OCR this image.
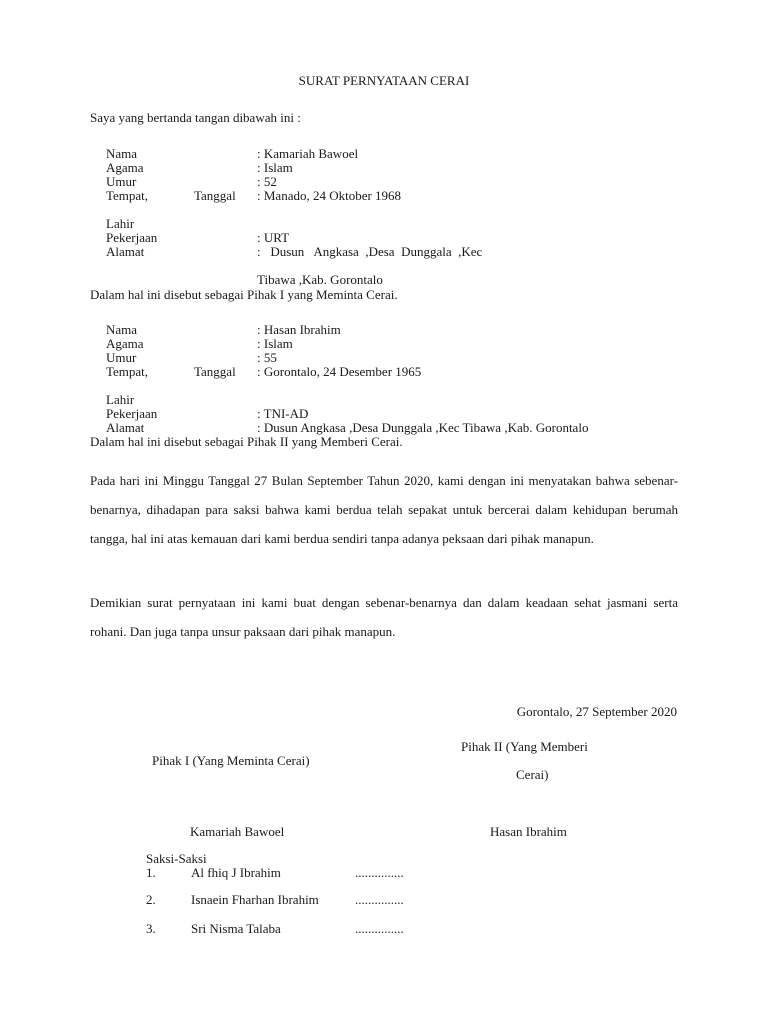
SURAT PERNYATAAN CERAI
Saya yang bertanda tangan dibawah ini :
Nama	: Kamariah Bawoel
Agama	: Islam
Umur	: 52
Tempat,	Tanggal : Manado, 24 Oktober 1968
Lahir
Pekerjaan	: URT
Alamat	:   Dusun   Angkasa  ,Desa  Dunggala  ,Kec
Tibawa ,Kab. Gorontalo
Dalam hal ini disebut sebagai Pihak I yang Meminta Cerai.
Nama	: Hasan Ibrahim
Agama	: Islam
Umur	: 55
Tempat,	Tanggal : Gorontalo, 24 Desember 1965
Lahir
Pekerjaan	: TNI-AD
Alamat	: Dusun Angkasa ,Desa Dunggala ,Kec Tibawa ,Kab. Gorontalo
Dalam hal ini disebut sebagai Pihak II yang Memberi Cerai.
Pada hari ini Minggu Tanggal 27 Bulan September Tahun 2020, kami dengan ini menyatakan bahwa sebenar-benarnya, dihadapan para saksi bahwa kami berdua telah sepakat untuk bercerai dalam kehidupan berumah tangga, hal ini atas kemauan dari kami berdua sendiri tanpa adanya peksaan dari pihak manapun.
Demikian surat pernyataan ini kami buat dengan sebenar-benarnya dan dalam keadaan sehat jasmani serta rohani. Dan juga tanpa unsur paksaan dari pihak manapun.
Gorontalo, 27 September 2020
Pihak II (Yang Memberi
Pihak I (Yang Meminta Cerai)
Cerai)
Kamariah Bawoel	Hasan Ibrahim
Saksi-Saksi
1.	Al fhiq J Ibrahim	...............
2.	Isnaein Fharhan Ibrahim	...............
3.	Sri Nisma Talaba	...............
